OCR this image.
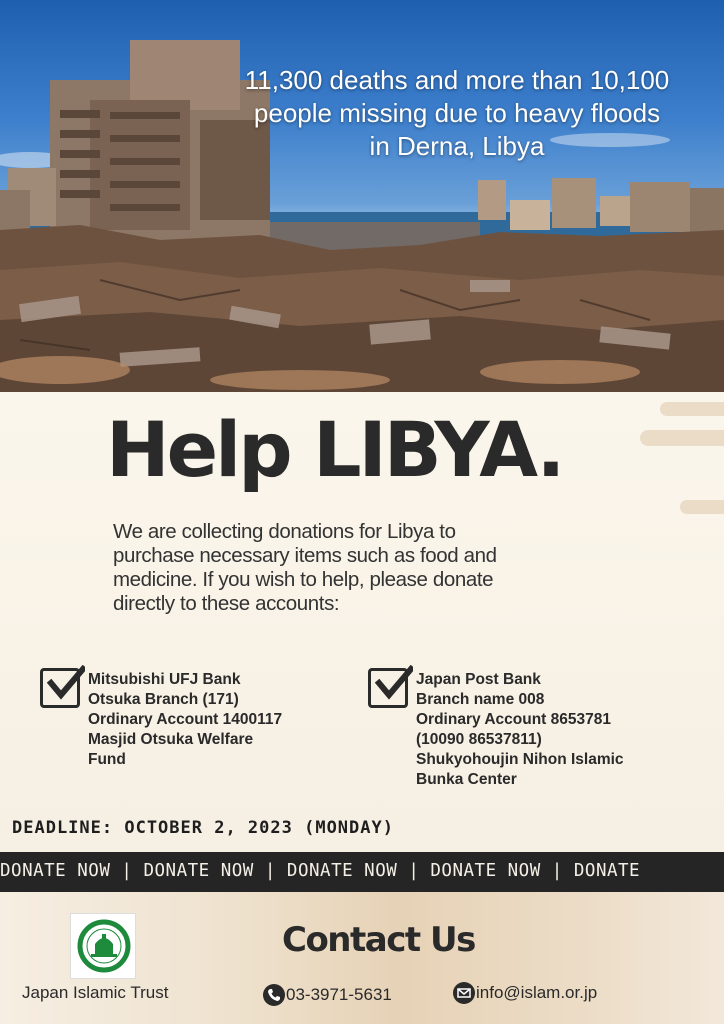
11,300 deaths and more than 10,100
people missing due to heavy floods
in Derna, Libya
Help LIBYA.
We are collecting donations for Libya to
purchase necessary items such as food and
medicine. If you wish to help, please donate
directly to these accounts:
Mitsubishi UFJ Bank
Otsuka Branch (171)
Ordinary Account 1400117
Masjid Otsuka Welfare
Fund
Japan Post Bank
Branch name 008
Ordinary Account 8653781
(10090 86537811)
Shukyohoujin Nihon Islamic
Bunka Center
DEADLINE: OCTOBER 2, 2023 (MONDAY)
DONATE NOW | DONATE NOW | DONATE NOW | DONATE NOW | DONATE
Japan Islamic Trust
Contact Us
03-3971-5631	info@islam.or.jp
